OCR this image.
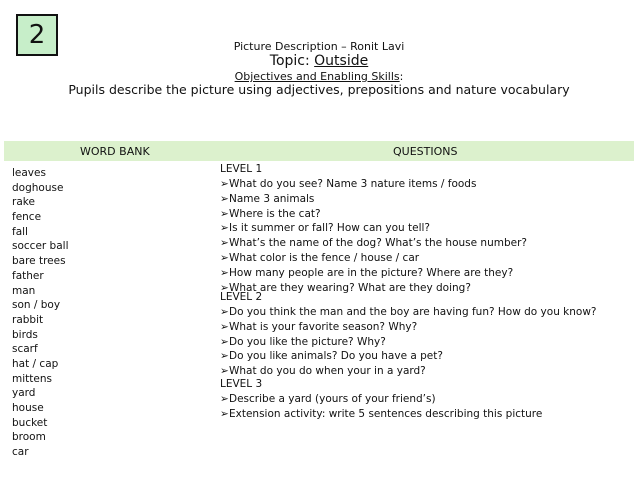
2	Picture Description – Ronit Lavi
Topic: Outside
Objectives and Enabling Skills:
Pupils describe the picture using adjectives, prepositions and nature vocabulary
WORD BANK	QUESTIONS
leaves
doghouse
rake
fence
fall
soccer ball
bare trees
father
man
son / boy
rabbit
birds
scarf
hat / cap
mittens
yard
house
bucket
broom
car
LEVEL 1
➢What do you see? Name 3 nature items / foods
➢Name 3 animals
➢Where is the cat?
➢Is it summer or fall? How can you tell?
➢What’s the name of the dog? What’s the house number?
➢What color is the fence / house / car
➢How many people are in the picture? Where are they?
➢What are they wearing? What are they doing?
LEVEL 2
➢Do you think the man and the boy are having fun? How do you know?
➢What is your favorite season? Why?
➢Do you like the picture? Why?
➢Do you like animals? Do you have a pet?
➢What do you do when your in a yard?
LEVEL 3
➢Describe a yard (yours of your friend’s)
➢Extension activity: write 5 sentences describing this picture
